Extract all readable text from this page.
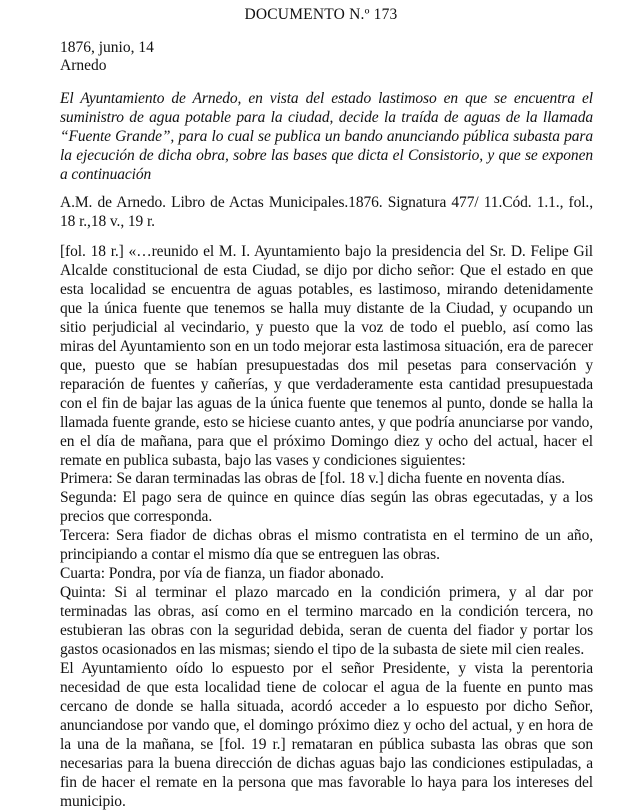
DOCUMENTO N.º 173
1876, junio, 14
Arnedo

El Ayuntamiento de Arnedo, en vista del estado lastimoso en que se encuentra el suministro de agua potable para la ciudad, decide la traída de aguas de la llamada “Fuente Grande”, para lo cual se publica un bando anunciando pública subasta para la ejecución de dicha obra, sobre las bases que dicta el Consistorio, y que se exponen a continuación

A.M. de Arnedo. Libro de Actas Municipales.1876. Signatura 477/ 11.Cód. 1.1., fol., 18 r.,18 v., 19 r.

[fol. 18 r.] «…reunido el M. I. Ayuntamiento bajo la presidencia del Sr. D. Felipe Gil Alcalde constitucional de esta Ciudad, se dijo por dicho señor: Que el estado en que esta localidad se encuentra de aguas potables, es lastimoso, mirando detenidamente que la única fuente que tenemos se halla muy distante de la Ciudad, y ocupando un sitio perjudicial al vecindario, y puesto que la voz de todo el pueblo, así como las miras del Ayuntamiento son en un todo mejorar esta lastimosa situación, era de parecer que, puesto que se habían presupuestadas dos mil pesetas para conservación y reparación de fuentes y cañerías, y que verdaderamente esta cantidad presupuestada con el fin de bajar las aguas de la única fuente que tenemos al punto, donde se halla la llamada fuente grande, esto se hiciese cuanto antes, y que podría anunciarse por vando, en el día de mañana, para que el próximo Domingo diez y ocho del actual, hacer el remate en publica subasta, bajo las vases y condiciones siguientes:

Primera: Se daran terminadas las obras de [fol. 18 v.] dicha fuente en noventa días.

Segunda: El pago sera de quince en quince días según las obras egecutadas, y a los precios que corresponda.

Tercera: Sera fiador de dichas obras el mismo contratista en el termino de un año, principiando a contar el mismo día que se entreguen las obras.

Cuarta: Pondra, por vía de fianza, un fiador abonado.

Quinta: Si al terminar el plazo marcado en la condición primera, y al dar por terminadas las obras, así como en el termino marcado en la condición tercera, no estubieran las obras con la seguridad debida, seran de cuenta del fiador y portar los gastos ocasionados en las mismas; siendo el tipo de la subasta de siete mil cien reales.

El Ayuntamiento oído lo espuesto por el señor Presidente, y vista la perentoria necesidad de que esta localidad tiene de colocar el agua de la fuente en punto mas cercano de donde se halla situada, acordó acceder a lo espuesto por dicho Señor, anunciandose por vando que, el domingo próximo diez y ocho del actual, y en hora de la una de la mañana, se [fol. 19 r.] remataran en pública subasta las obras que son necesarias para la buena dirección de dichas aguas bajo las condiciones estipuladas, a fin de hacer el remate en la persona que mas favorable lo haya para los intereses del municipio.
